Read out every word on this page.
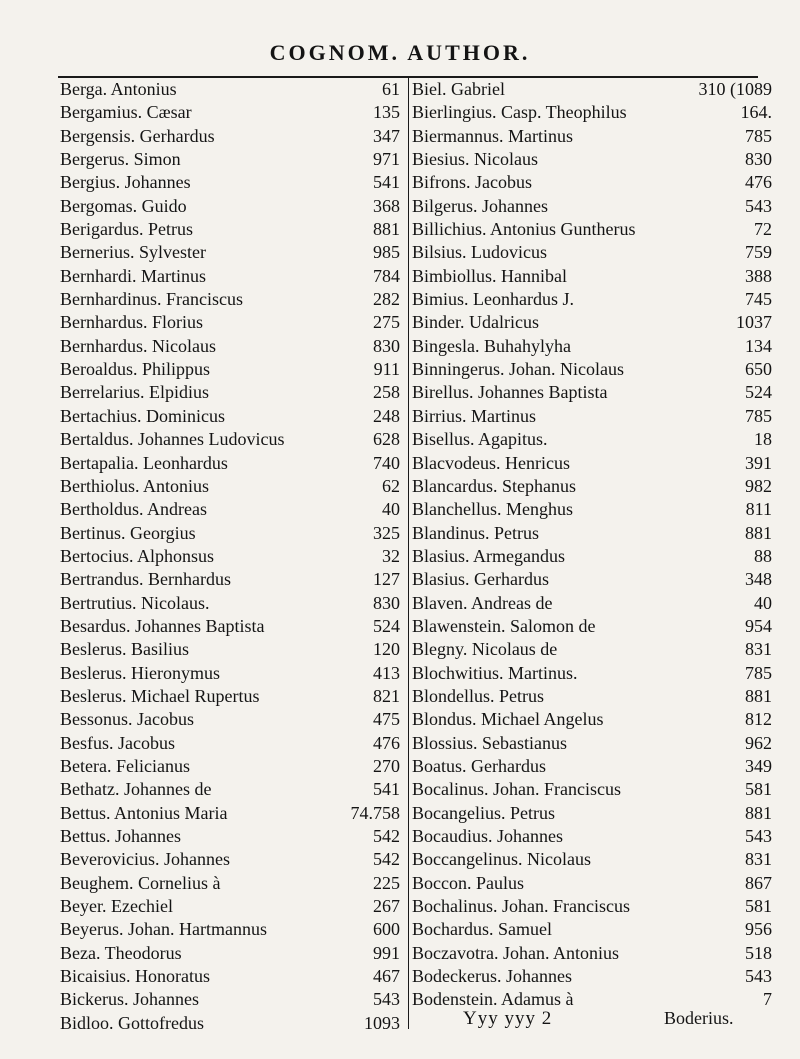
COGNOM. AUTHOR.
Berga. Antonius	61
Bergamius. Cæsar	135
Bergensis. Gerhardus	347
Bergerus. Simon	971
Bergius. Johannes	541
Bergomas. Guido	368
Berigardus. Petrus	881
Bernerius. Sylvester	985
Bernhardi. Martinus	784
Bernhardinus. Franciscus	282
Bernhardus. Florius	275
Bernhardus. Nicolaus	830
Beroaldus. Philippus	911
Berrelarius. Elpidius	258
Bertachius. Dominicus	248
Bertaldus. Johannes Ludovicus	628
Bertapalia. Leonhardus	740
Berthiolus. Antonius	62
Bertholdus. Andreas	40
Bertinus. Georgius	325
Bertocius. Alphonsus	32
Bertrandus. Bernhardus	127
Bertrutius. Nicolaus.	830
Besardus. Johannes Baptista	524
Beslerus. Basilius	120
Beslerus. Hieronymus	413
Beslerus. Michael Rupertus	821
Bessonus. Jacobus	475
Besfus. Jacobus	476
Betera. Felicianus	270
Bethatz. Johannes de	541
Bettus. Antonius Maria	74.758
Bettus. Johannes	542
Beverovicius. Johannes	542
Beughem. Cornelius à	225
Beyer. Ezechiel	267
Beyerus. Johan. Hartmannus	600
Beza. Theodorus	991
Bicaisius. Honoratus	467
Bickerus. Johannes	543
Bidloo. Gottofredus	1093
Biel. Gabriel	310 (1089
Bierlingius. Casp. Theophilus	164.
Biermannus. Martinus	785
Biesius. Nicolaus	830
Bifrons. Jacobus	476
Bilgerus. Johannes	543
Billichius. Antonius Guntherus	72
Bilsius. Ludovicus	759
Bimbiollus. Hannibal	388
Bimius. Leonhardus J.	745
Binder. Udalricus	1037
Bingesla. Buhahylyha	134
Binningerus. Johan. Nicolaus	650
Birellus. Johannes Baptista	524
Birrius. Martinus	785
Bisellus. Agapitus.	18
Blacvodeus. Henricus	391
Blancardus. Stephanus	982
Blanchellus. Menghus	811
Blandinus. Petrus	881
Blasius. Armegandus	88
Blasius. Gerhardus	348
Blaven. Andreas de	40
Blawenstein. Salomon de	954
Blegny. Nicolaus de	831
Blochwitius. Martinus.	785
Blondellus. Petrus	881
Blondus. Michael Angelus	812
Blossius. Sebastianus	962
Boatus. Gerhardus	349
Bocalinus. Johan. Franciscus	581
Bocangelius. Petrus	881
Bocaudius. Johannes	543
Boccangelinus. Nicolaus	831
Boccon. Paulus	867
Bochalinus. Johan. Franciscus	581
Bochardus. Samuel	956
Boczavotra. Johan. Antonius	518
Bodeckerus. Johannes	543
Bodenstein. Adamus à	7
Yyy yyy 2	Boderius.
